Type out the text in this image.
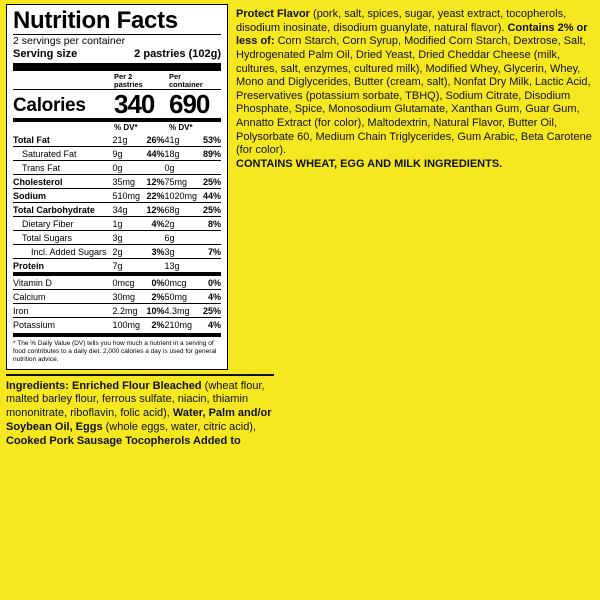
Nutrition Facts
2 servings per container
Serving size	2 pastries (102g)
Per 2
pastries
Per
container
Calories 340 690
% DV*	% DV*
Total Fat	21g	26%	41g	53%
Saturated Fat	9g	44%	18g	89%
Trans Fat	0g		0g	
Cholesterol	35mg	12%	75mg	25%
Sodium	510mg	22%	1020mg	44%
Total Carbohydrate	34g	12%	68g	25%
Dietary Fiber	1g	4%	2g	8%
Total Sugars	3g		6g	
Incl. Added Sugars	2g	3%	3g	7%
Protein	7g		13g	
Vitamin D	0mcg	0%	0mcg	0%
Calcium	30mg	2%	50mg	4%
Iron	2.2mg	10%	4.3mg	25%
Potassium	100mg	2%	210mg	4%
* The % Daily Value (DV) tells you how much a nutrient in a serving of food contributes to a daily diet. 2,000 calories a day is used for general nutrition advice.

Protect Flavor (pork, salt, spices, sugar, yeast extract, tocopherols, disodium inosinate, disodium guanylate, natural flavor). Contains 2% or less of: Corn Starch, Corn Syrup, Modified Corn Starch, Dextrose, Salt, Hydrogenated Palm Oil, Dried Yeast, Dried Cheddar Cheese (milk, cultures, salt, enzymes, cultured milk), Modified Whey, Glycerin, Whey, Mono and Diglycerides, Butter (cream, salt), Nonfat Dry Milk, Lactic Acid, Preservatives (potassium sorbate, TBHQ), Sodium Citrate, Disodium Phosphate, Spice, Monosodium Glutamate, Xanthan Gum, Guar Gum, Annatto Extract (for color), Maltodextrin, Natural Flavor, Butter Oil, Polysorbate 60, Medium Chain Triglycerides, Gum Arabic, Beta Carotene (for color).

CONTAINS WHEAT, EGG AND MILK INGREDIENTS.

Ingredients: Enriched Flour Bleached (wheat flour, malted barley flour, ferrous sulfate, niacin, thiamin mononitrate, riboflavin, folic acid), Water, Palm and/or Soybean Oil, Eggs (whole eggs, water, citric acid), Cooked Pork Sausage Tocopherols Added to
